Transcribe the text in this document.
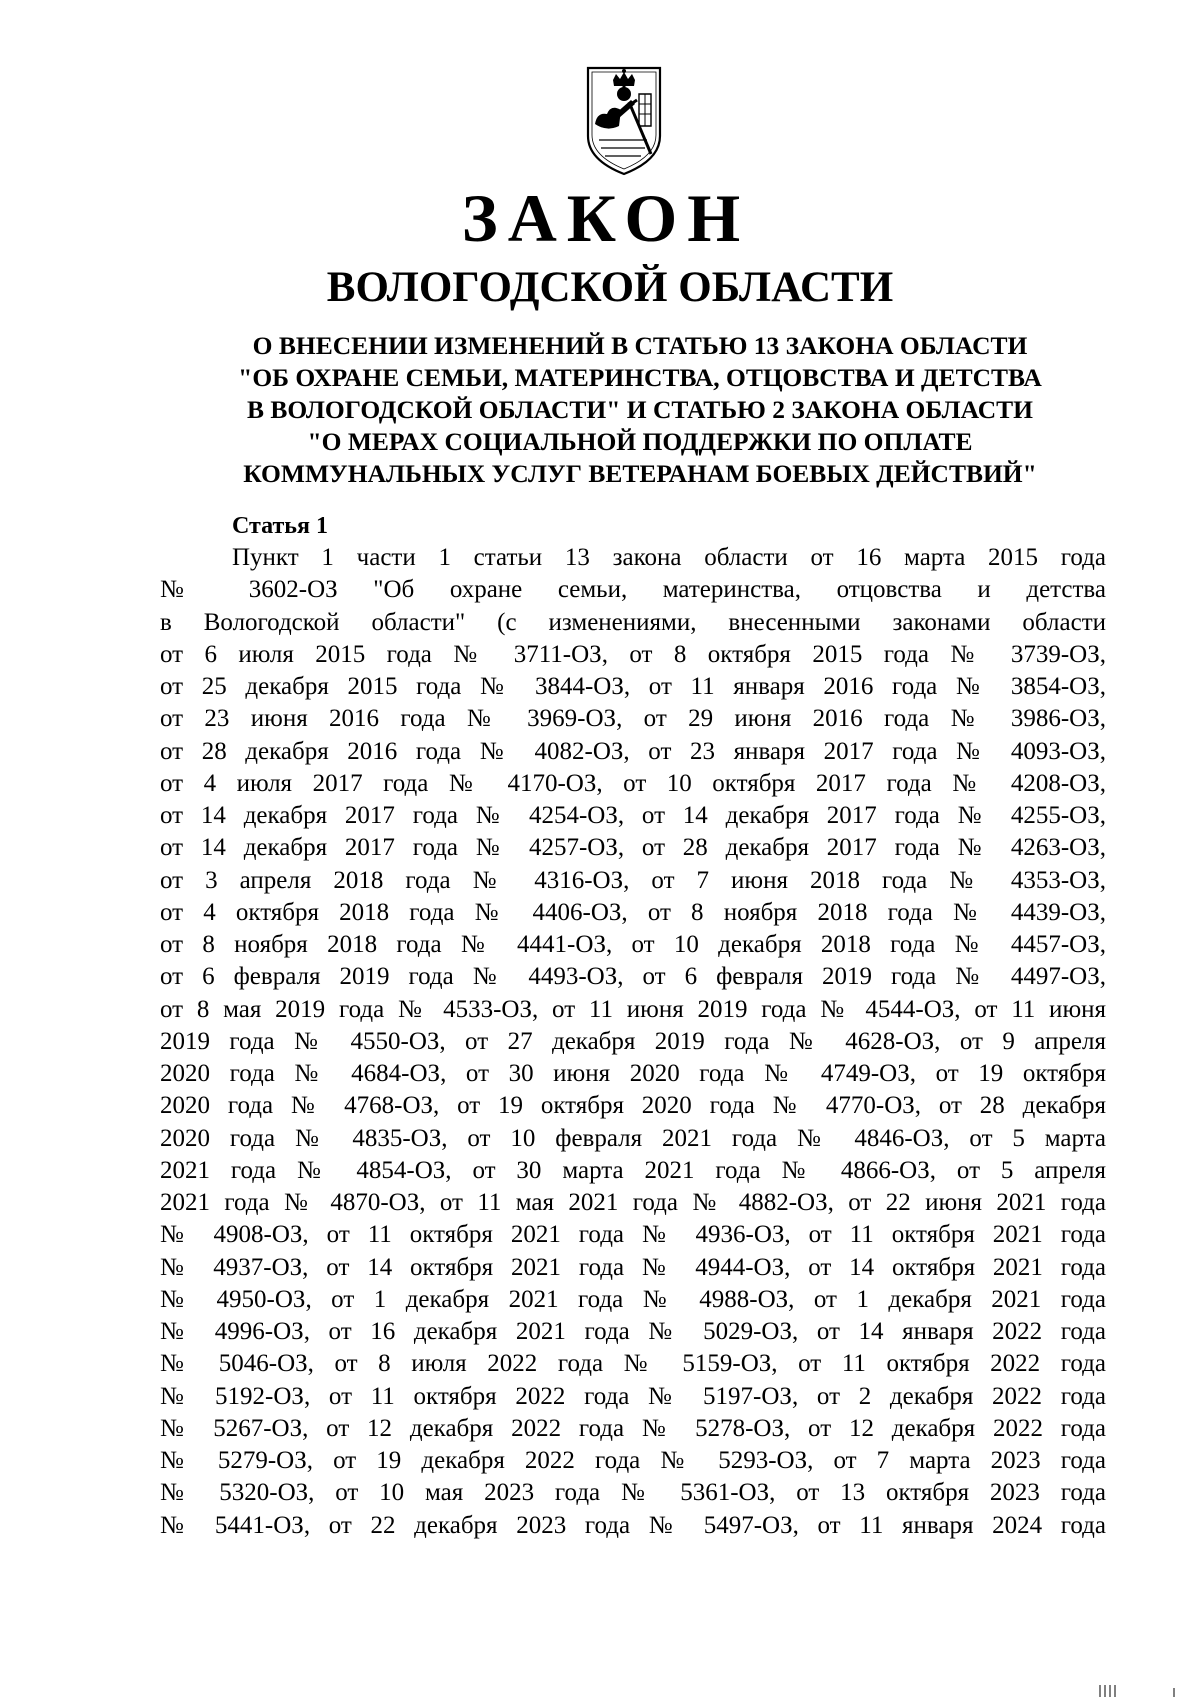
ЗАКОН
ВОЛОГОДСКОЙ ОБЛАСТИ
О ВНЕСЕНИИ ИЗМЕНЕНИЙ В СТАТЬЮ 13 ЗАКОНА ОБЛАСТИ
"ОБ ОХРАНЕ СЕМЬИ, МАТЕРИНСТВА, ОТЦОВСТВА И ДЕТСТВА
В ВОЛОГОДСКОЙ ОБЛАСТИ" И СТАТЬЮ 2 ЗАКОНА ОБЛАСТИ
"О МЕРАХ СОЦИАЛЬНОЙ ПОДДЕРЖКИ ПО ОПЛАТЕ
КОММУНАЛЬНЫХ УСЛУГ ВЕТЕРАНАМ БОЕВЫХ ДЕЙСТВИЙ"
Статья 1
Пункт 1 части 1 статьи 13 закона области от 16 марта 2015 года
№ 3602-ОЗ "Об охране семьи, материнства, отцовства и детства
в Вологодской области" (с изменениями, внесенными законами области
от 6 июля 2015 года № 3711-ОЗ, от 8 октября 2015 года № 3739-ОЗ,
от 25 декабря 2015 года № 3844-ОЗ, от 11 января 2016 года № 3854-ОЗ,
от 23 июня 2016 года № 3969-ОЗ, от 29 июня 2016 года № 3986-ОЗ,
от 28 декабря 2016 года № 4082-ОЗ, от 23 января 2017 года № 4093-ОЗ,
от 4 июля 2017 года № 4170-ОЗ, от 10 октября 2017 года № 4208-ОЗ,
от 14 декабря 2017 года № 4254-ОЗ, от 14 декабря 2017 года № 4255-ОЗ,
от 14 декабря 2017 года № 4257-ОЗ, от 28 декабря 2017 года № 4263-ОЗ,
от 3 апреля 2018 года № 4316-ОЗ, от 7 июня 2018 года № 4353-ОЗ,
от 4 октября 2018 года № 4406-ОЗ, от 8 ноября 2018 года № 4439-ОЗ,
от 8 ноября 2018 года № 4441-ОЗ, от 10 декабря 2018 года № 4457-ОЗ,
от 6 февраля 2019 года № 4493-ОЗ, от 6 февраля 2019 года № 4497-ОЗ,
от 8 мая 2019 года № 4533-ОЗ, от 11 июня 2019 года № 4544-ОЗ, от 11 июня
2019 года № 4550-ОЗ, от 27 декабря 2019 года № 4628-ОЗ, от 9 апреля
2020 года № 4684-ОЗ, от 30 июня 2020 года № 4749-ОЗ, от 19 октября
2020 года № 4768-ОЗ, от 19 октября 2020 года № 4770-ОЗ, от 28 декабря
2020 года № 4835-ОЗ, от 10 февраля 2021 года № 4846-ОЗ, от 5 марта
2021 года № 4854-ОЗ, от 30 марта 2021 года № 4866-ОЗ, от 5 апреля
2021 года № 4870-ОЗ, от 11 мая 2021 года № 4882-ОЗ, от 22 июня 2021 года
№ 4908-ОЗ, от 11 октября 2021 года № 4936-ОЗ, от 11 октября 2021 года
№ 4937-ОЗ, от 14 октября 2021 года № 4944-ОЗ, от 14 октября 2021 года
№ 4950-ОЗ, от 1 декабря 2021 года № 4988-ОЗ, от 1 декабря 2021 года
№ 4996-ОЗ, от 16 декабря 2021 года № 5029-ОЗ, от 14 января 2022 года
№ 5046-ОЗ, от 8 июля 2022 года № 5159-ОЗ, от 11 октября 2022 года
№ 5192-ОЗ, от 11 октября 2022 года № 5197-ОЗ, от 2 декабря 2022 года
№ 5267-ОЗ, от 12 декабря 2022 года № 5278-ОЗ, от 12 декабря 2022 года
№ 5279-ОЗ, от 19 декабря 2022 года № 5293-ОЗ, от 7 марта 2023 года
№ 5320-ОЗ, от 10 мая 2023 года № 5361-ОЗ, от 13 октября 2023 года
№ 5441-ОЗ, от 22 декабря 2023 года № 5497-ОЗ, от 11 января 2024 года
